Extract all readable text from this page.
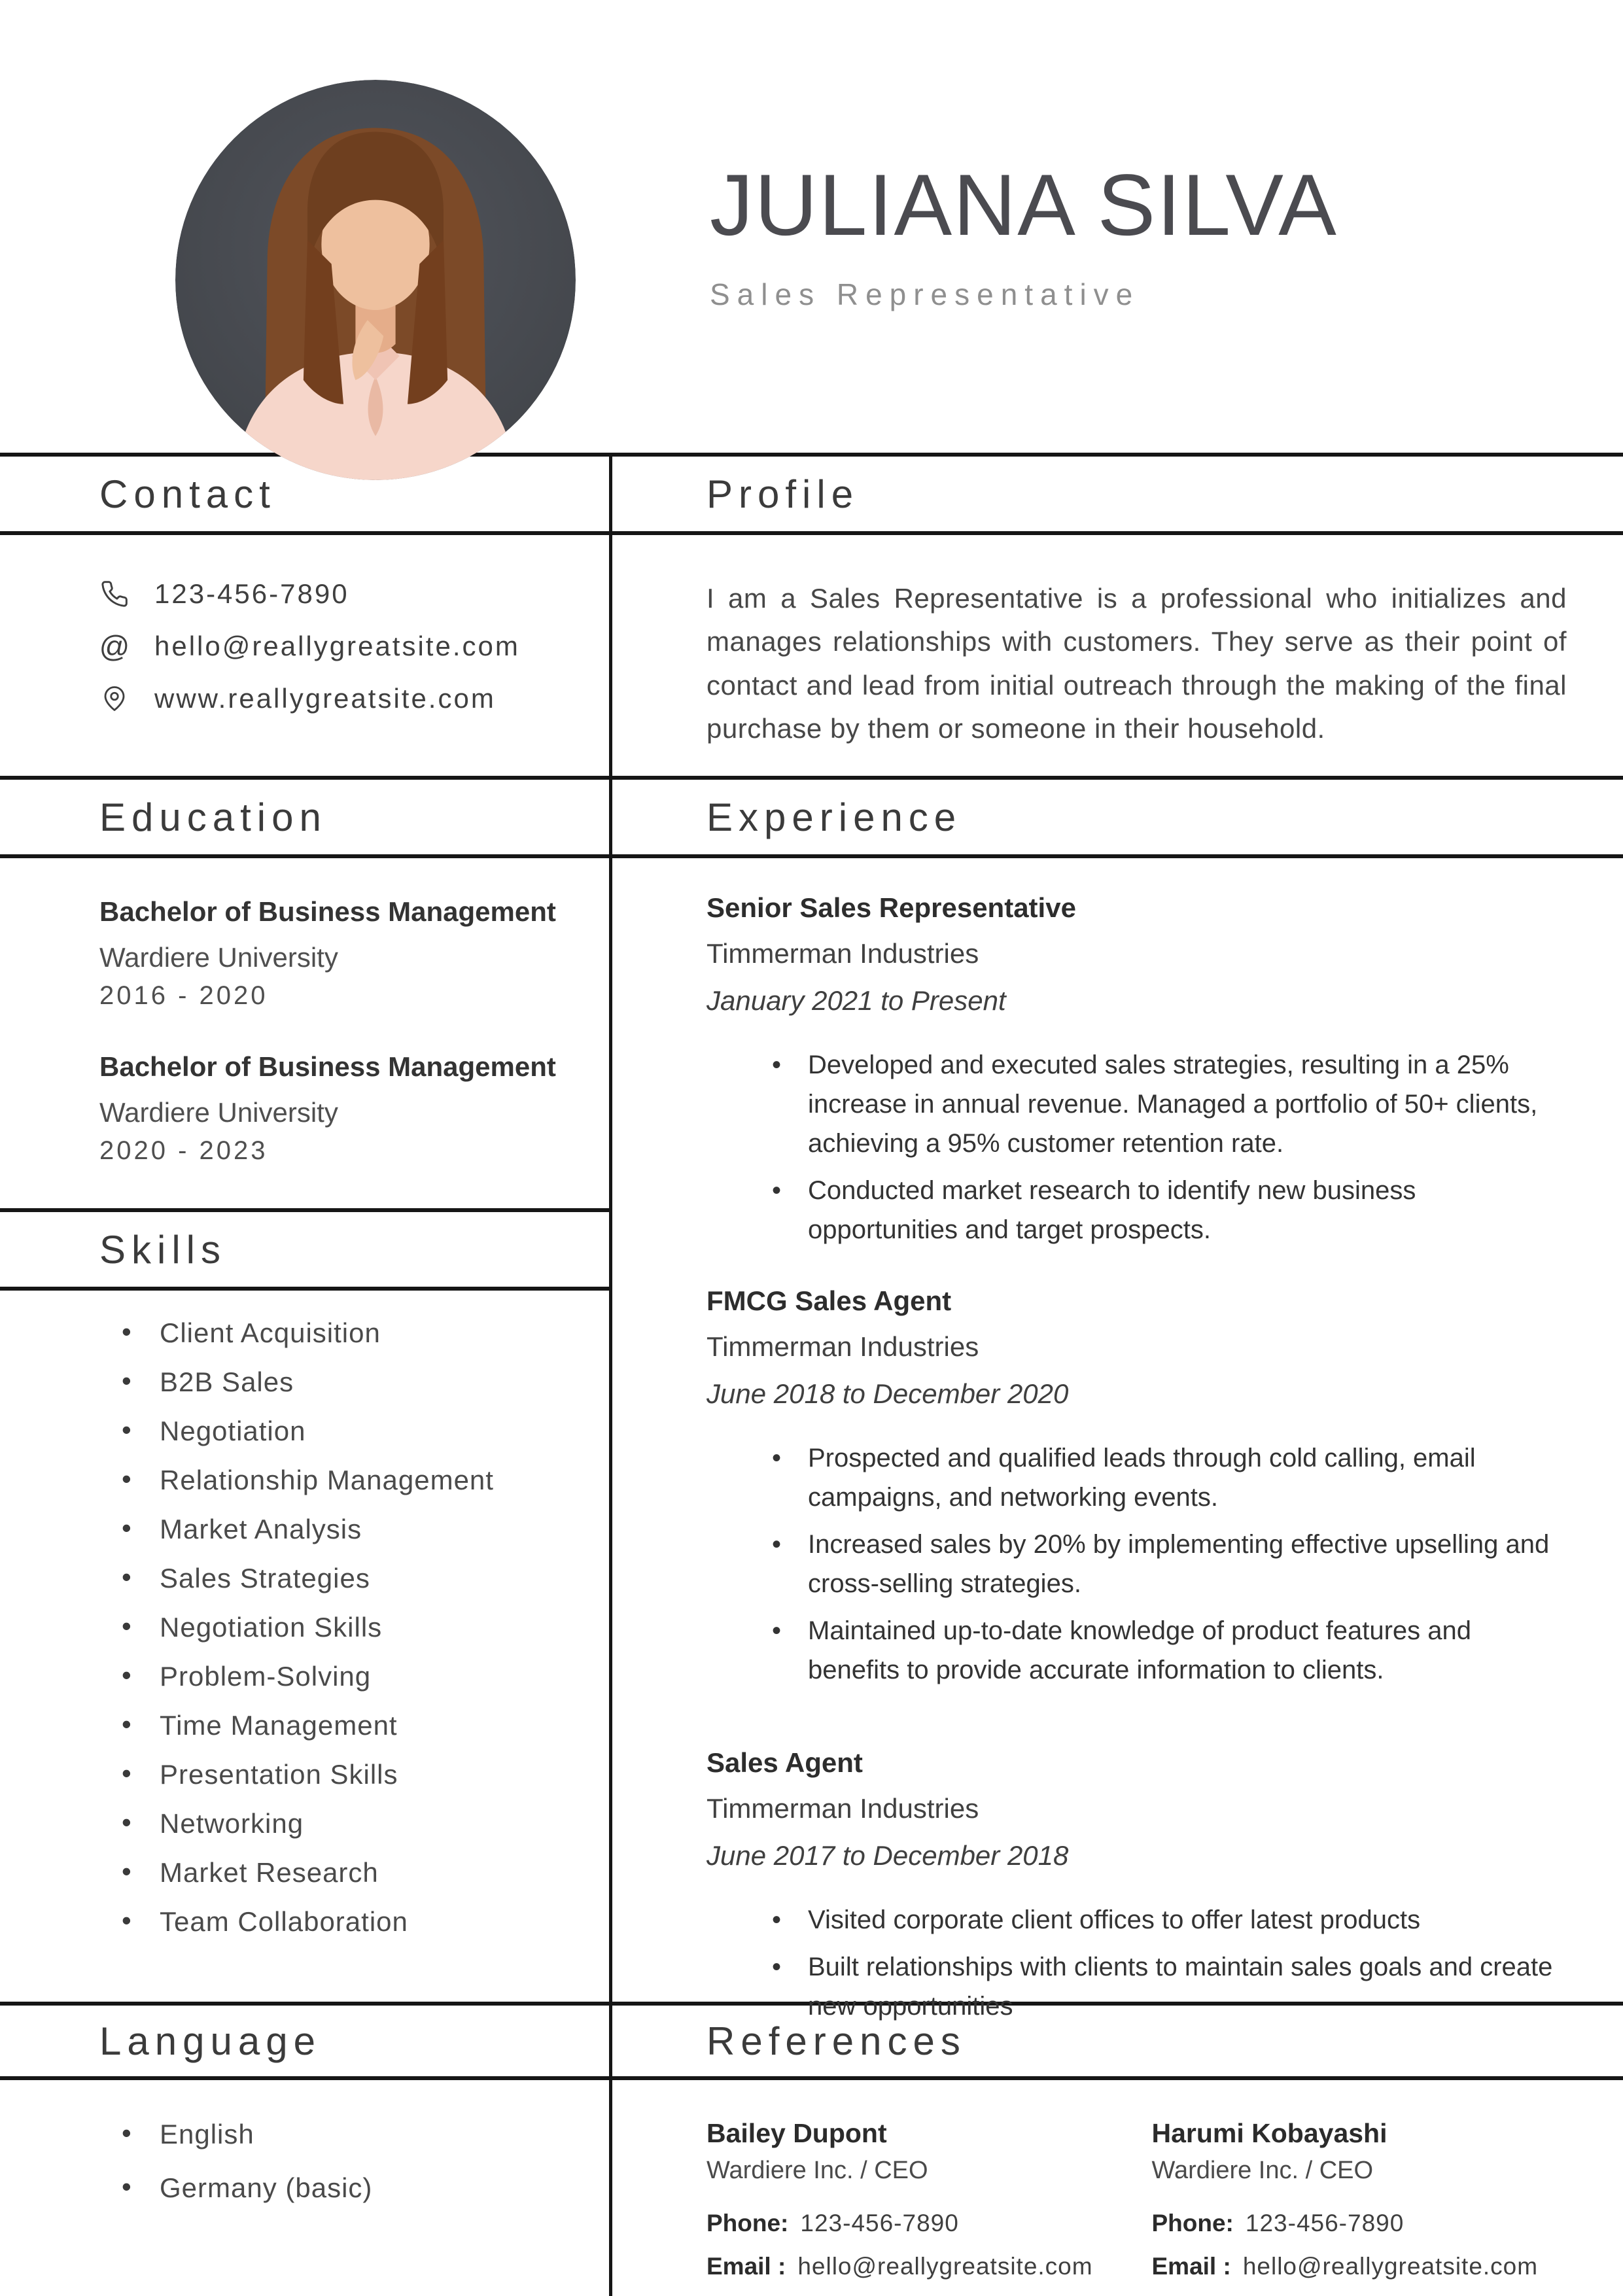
JULIANA SILVA
Sales Representative
Contact	Profile
123-456-7890
@ hello@reallygreatsite.com
www.reallygreatsite.com

I am a Sales Representative is a professional who initializes and manages relationships with customers. They serve as their point of contact and lead from initial outreach through the making of the final purchase by them or someone in their household.

Education	Experience
Bachelor of Business Management
Wardiere University
2016 - 2020
Bachelor of Business Management
Wardiere University
2020 - 2023
Senior Sales Representative
Timmerman Industries
January 2021 to Present
• Developed and executed sales strategies, resulting in a 25% increase in annual revenue. Managed a portfolio of 50+ clients, achieving a 95% customer retention rate.
• Conducted market research to identify new business opportunities and target prospects.
Skills
• Client Acquisition
• B2B Sales
• Negotiation
• Relationship Management
• Market Analysis
• Sales Strategies
• Negotiation Skills
• Problem-Solving
• Time Management
• Presentation Skills
• Networking
• Market Research
• Team Collaboration
FMCG Sales Agent
Timmerman Industries
June 2018 to December 2020
• Prospected and qualified leads through cold calling, email campaigns, and networking events.
• Increased sales by 20% by implementing effective upselling and cross-selling strategies.
• Maintained up-to-date knowledge of product features and benefits to provide accurate information to clients.
Sales Agent
Timmerman Industries
June 2017 to December 2018
• Visited corporate client offices to offer latest products
• Built relationships with clients to maintain sales goals and create new opportunities
Language	References
• English
• Germany (basic)
Bailey Dupont
Wardiere Inc. / CEO
Phone: 123-456-7890
Email : hello@reallygreatsite.com
Harumi Kobayashi
Wardiere Inc. / CEO
Phone: 123-456-7890
Email : hello@reallygreatsite.com
